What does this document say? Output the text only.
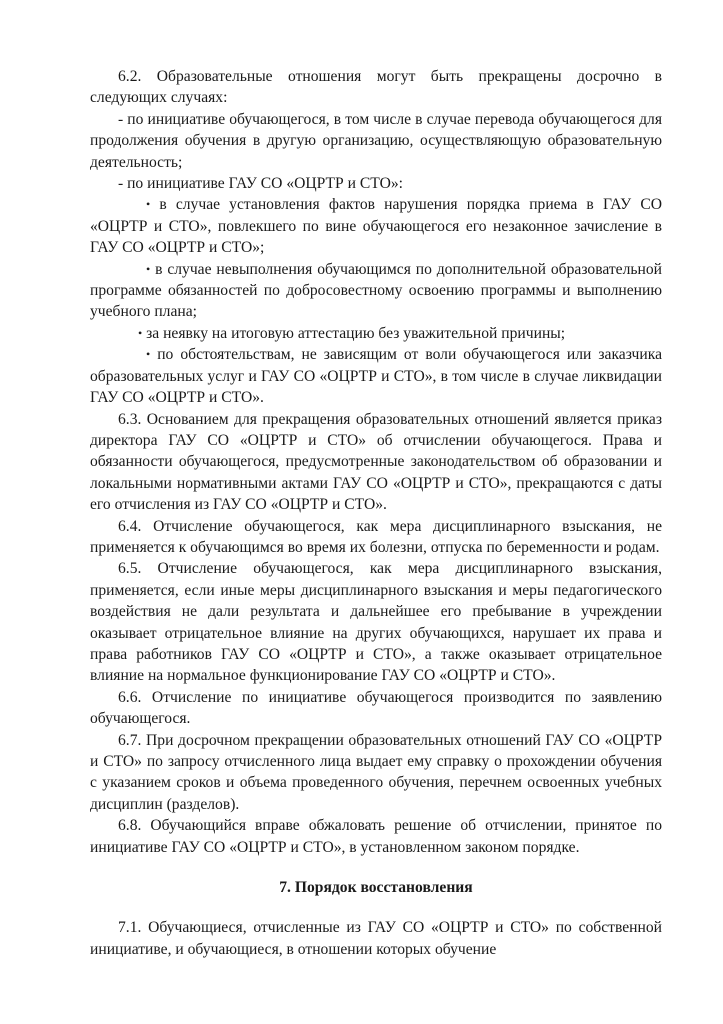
6.2. Образовательные отношения могут быть прекращены досрочно в следующих случаях:

- по инициативе обучающегося, в том числе в случае перевода обучающегося для продолжения обучения в другую организацию, осуществляющую образовательную деятельность;

- по инициативе ГАУ СО «ОЦРТР и СТО»:

• в случае установления фактов нарушения порядка приема в ГАУ СО «ОЦРТР и СТО», повлекшего по вине обучающегося его незаконное зачисление в ГАУ СО «ОЦРТР и СТО»;

• в случае невыполнения обучающимся по дополнительной образовательной программе обязанностей по добросовестному освоению программы и выполнению учебного плана;

• за неявку на итоговую аттестацию без уважительной причины;

• по обстоятельствам, не зависящим от воли обучающегося или заказчика образовательных услуг и ГАУ СО «ОЦРТР и СТО», в том числе в случае ликвидации ГАУ СО «ОЦРТР и СТО».

6.3. Основанием для прекращения образовательных отношений является приказ директора ГАУ СО «ОЦРТР и СТО» об отчислении обучающегося. Права и обязанности обучающегося, предусмотренные законодательством об образовании и локальными нормативными актами ГАУ СО «ОЦРТР и СТО», прекращаются с даты его отчисления из ГАУ СО «ОЦРТР и СТО».

6.4. Отчисление обучающегося, как мера дисциплинарного взыскания, не применяется к обучающимся во время их болезни, отпуска по беременности и родам.

6.5. Отчисление обучающегося, как мера дисциплинарного взыскания, применяется, если иные меры дисциплинарного взыскания и меры педагогического воздействия не дали результата и дальнейшее его пребывание в учреждении оказывает отрицательное влияние на других обучающихся, нарушает их права и права работников ГАУ СО «ОЦРТР и СТО», а также оказывает отрицательное влияние на нормальное функционирование ГАУ СО «ОЦРТР и СТО».

6.6. Отчисление по инициативе обучающегося производится по заявлению обучающегося.

6.7. При досрочном прекращении образовательных отношений ГАУ СО «ОЦРТР и СТО» по запросу отчисленного лица выдает ему справку о прохождении обучения с указанием сроков и объема проведенного обучения, перечнем освоенных учебных дисциплин (разделов).

6.8. Обучающийся вправе обжаловать решение об отчислении, принятое по инициативе ГАУ СО «ОЦРТР и СТО», в установленном законом порядке.

7. Порядок восстановления

7.1. Обучающиеся, отчисленные из ГАУ СО «ОЦРТР и СТО» по собственной инициативе, и обучающиеся, в отношении которых обучение
